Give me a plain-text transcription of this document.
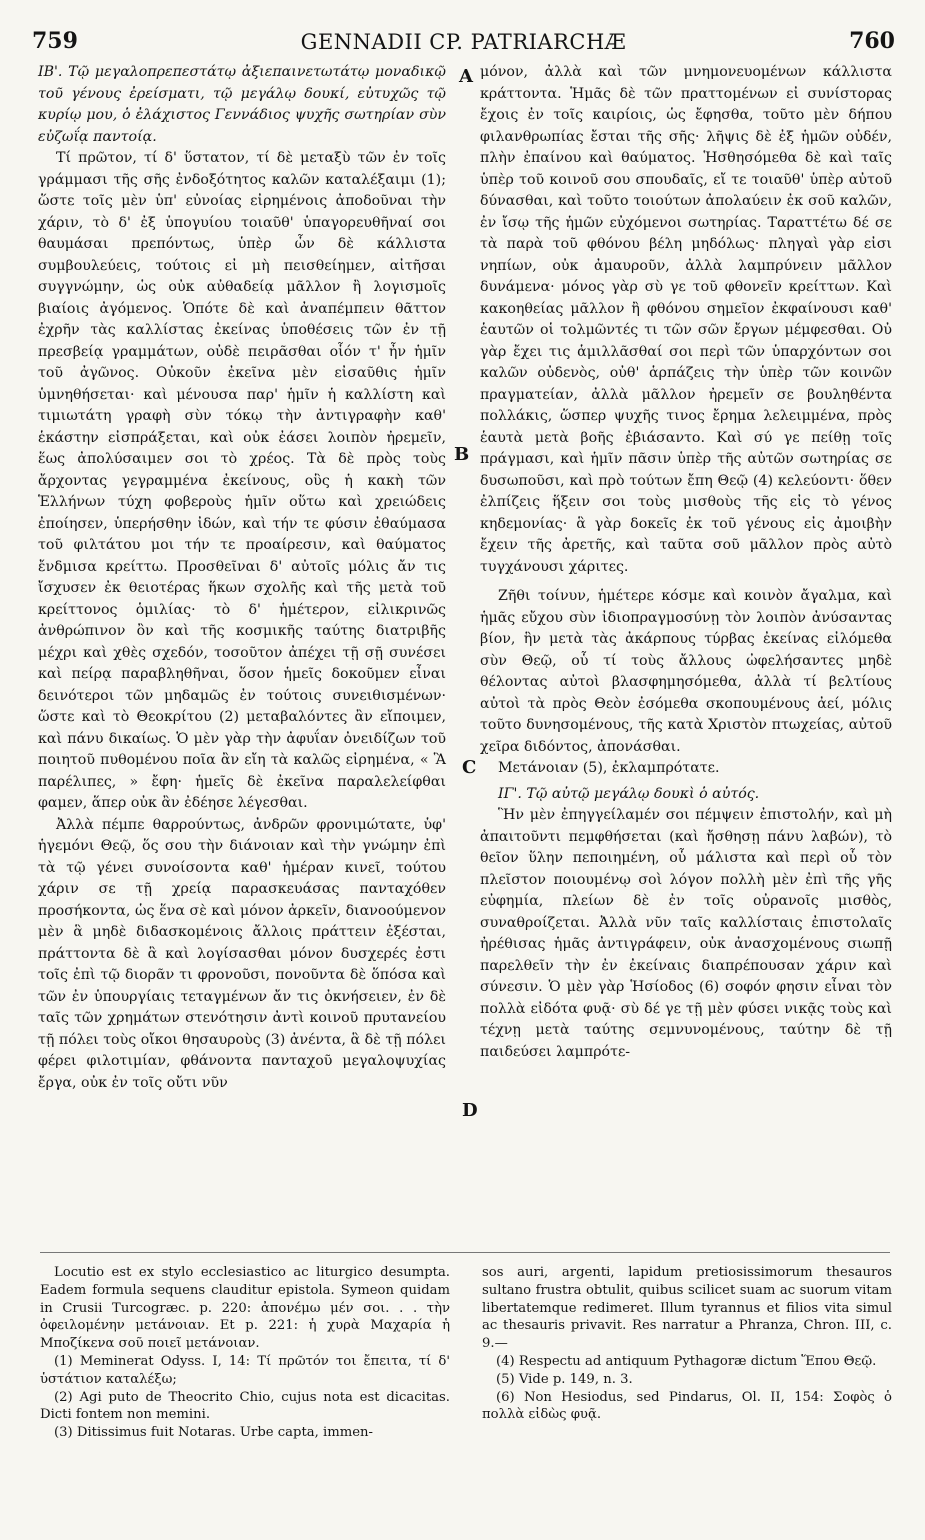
759	GENNADII CP. PATRIARCHÆ	760

ΙΒ'. Τῷ μεγαλοπρεπεστάτῳ ἀξιεπαινετωτάτῳ μοναδικῷ τοῦ γένους ἐρείσματι, τῷ μεγάλῳ δουκί, εὐτυχῶς τῷ κυρίῳ μου, ὁ ἐλάχιστος Γεννάδιος ψυχῆς σωτηρίαν σὺν εὐζωΐᾳ παντοίᾳ.

Τί πρῶτον, τί δ' ὕστατον, τί δὲ μεταξὺ τῶν ἐν τοῖς γράμμασι τῆς σῆς ἐνδοξότητος καλῶν καταλέξαιμι (1); ὥστε τοῖς μὲν ὑπ' εὐνοίας εἰρημένοις ἀποδοῦναι τὴν χάριν, τὸ δ' ἐξ ὑπογυίου τοιαῦθ' ὑπαγορευθῆναί σοι θαυμάσαι πρεπόντως, ὑπὲρ ὧν δὲ κάλλιστα συμβουλεύεις, τούτοις εἰ μὴ πεισθείημεν, αἰτῆσαι συγγνώμην, ὡς οὐκ αὐθαδείᾳ μᾶλλον ἢ λογισμοῖς βιαίοις ἀγόμενος. Ὁπότε δὲ καὶ ἀναπέμπειν θᾶττον ἐχρῆν τὰς καλλίστας ἐκείνας ὑποθέσεις τῶν ἐν τῇ πρεσβείᾳ γραμμάτων, οὐδὲ πειρᾶσθαι οἷόν τ' ἦν ἡμῖν τοῦ ἀγῶνος. Οὐκοῦν ἐκεῖνα μὲν εἰσαῦθις ἡμῖν ὑμνηθήσεται· καὶ μένουσα παρ' ἡμῖν ἡ καλλίστη καὶ τιμιωτάτη γραφὴ σὺν τόκῳ τὴν ἀντιγραφὴν καθ' ἑκάστην εἰσπράξεται, καὶ οὐκ ἐάσει λοιπὸν ἠρεμεῖν, ἕως ἀπολύσαιμεν σοι τὸ χρέος. Τὰ δὲ πρὸς τοὺς ἄρχοντας γεγραμμένα ἐκείνους, οὓς ἡ κακὴ τῶν Ἑλλήνων τύχη φοβεροὺς ἡμῖν οὕτω καὶ χρειώδεις ἐποίησεν, ὑπερήσθην ἰδών, καὶ τήν τε φύσιν ἐθαύμασα τοῦ φιλτάτου μοι τήν τε προαίρεσιν, καὶ θαύματος ἔνδμισα κρείττω. Προσθεῖναι δ' αὐτοῖς μόλις ἄν τις ἴσχυσεν ἐκ θειοτέρας ἥκων σχολῆς καὶ τῆς μετὰ τοῦ κρείττονος ὁμιλίας· τὸ δ' ἡμέτερον, εἰλικρινῶς ἀνθρώπινον ὂν καὶ τῆς κοσμικῆς ταύτης διατριβῆς μέχρι καὶ χθὲς σχεδόν, τοσοῦτον ἀπέχει τῇ σῇ συνέσει καὶ πείρᾳ παραβληθῆναι, ὅσον ἡμεῖς δοκοῦμεν εἶναι δεινότεροι τῶν μηδαμῶς ἐν τούτοις συνειθισμένων· ὥστε καὶ τὸ Θεοκρίτου (2) μεταβαλόντες ἂν εἴποιμεν, καὶ πάνυ δικαίως. Ὁ μὲν γὰρ τὴν ἀφυΐαν ὀνειδίζων τοῦ ποιητοῦ πυθομένου ποῖα ἂν εἴη τὰ καλῶς εἰρημένα, « Ἃ παρέλιπες, » ἔφη· ἡμεῖς δὲ ἐκεῖνα παραλελείφθαι φαμεν, ἅπερ οὐκ ἂν ἐδέησε λέγεσθαι.

Ἀλλὰ πέμπε θαρρούντως, ἀνδρῶν φρονιμώτατε, ὑφ' ἡγεμόνι Θεῷ, ὅς σου τὴν διάνοιαν καὶ τὴν γνώμην ἐπὶ τὰ τῷ γένει συνοίσοντα καθ' ἡμέραν κινεῖ, τούτου χάριν σε τῇ χρείᾳ παρασκευάσας πανταχόθεν προσήκοντα, ὡς ἕνα σὲ καὶ μόνον ἀρκεῖν, διανοούμενον μὲν ἃ μηδὲ διδασκομένοις ἄλλοις πράττειν ἐξέσται, πράττοντα δὲ ἃ καὶ λογίσασθαι μόνον δυσχερές ἐστι τοῖς ἐπὶ τῷ διορᾶν τι φρονοῦσι, πονοῦντα δὲ ὅπόσα καὶ τῶν ἐν ὑπουργίαις τεταγμένων ἄν τις ὀκνήσειεν, ἐν δὲ ταῖς τῶν χρημάτων στενότησιν ἀντὶ κοινοῦ πρυτανείου τῇ πόλει τοὺς οἴκοι θησαυροὺς (3) ἀνέντα, ἃ δὲ τῇ πόλει φέρει φιλοτιμίαν, φθάνοντα πανταχοῦ μεγαλοψυχίας ἔργα, οὐκ ἐν τοῖς οὔτι νῦν

A
B
C
D

μόνον, ἀλλὰ καὶ τῶν μνημονευομένων κάλλιστα κράττοντα. Ἡμᾶς δὲ τῶν πραττομένων εἰ συνίστορας ἔχοις ἐν τοῖς καιρίοις, ὡς ἔφησθα, τοῦτο μὲν δήπου φιλανθρωπίας ἔσται τῆς σῆς· λῆψις δὲ ἐξ ἡμῶν οὐδέν, πλὴν ἐπαίνου καὶ θαύματος. Ἡσθησόμεθα δὲ καὶ ταῖς ὑπὲρ τοῦ κοινοῦ σου σπουδαῖς, εἴ τε τοιαῦθ' ὑπὲρ αὐτοῦ δύνασθαι, καὶ τοῦτο τοιούτων ἀπολαύειν ἐκ σοῦ καλῶν, ἐν ἴσῳ τῆς ἡμῶν εὐχόμενοι σωτηρίας. Ταραττέτω δέ σε τὰ παρὰ τοῦ φθόνου βέλη μηδόλως· πληγαὶ γὰρ εἰσι νηπίων, οὐκ ἀμαυροῦν, ἀλλὰ λαμπρύνειν μᾶλλον δυνάμενα· μόνος γὰρ σὺ γε τοῦ φθονεῖν κρείττων. Καὶ κακοηθείας μᾶλλον ἢ φθόνου σημεῖον ἐκφαίνουσι καθ' ἑαυτῶν οἱ τολμῶντές τι τῶν σῶν ἔργων μέμφεσθαι. Οὐ γὰρ ἔχει τις ἁμιλλᾶσθαί σοι περὶ τῶν ὑπαρχόντων σοι καλῶν οὐδενὸς, οὐθ' ἁρπάζεις τὴν ὑπὲρ τῶν κοινῶν πραγματείαν, ἀλλὰ μᾶλλον ἠρεμεῖν σε βουληθέντα πολλάκις, ὥσπερ ψυχῆς τινος ἔρημα λελειμμένα, πρὸς ἑαυτὰ μετὰ βοῆς ἐβιάσαντο. Καὶ σύ γε πείθῃ τοῖς πράγμασι, καὶ ἡμῖν πᾶσιν ὑπὲρ τῆς αὐτῶν σωτηρίας σε δυσωποῦσι, καὶ πρὸ τούτων ἔπη Θεῷ (4) κελεύοντι· ὅθεν ἐλπίζεις ἥξειν σοι τοὺς μισθοὺς τῆς εἰς τὸ γένος κηδεμονίας· ἃ γὰρ δοκεῖς ἐκ τοῦ γένους εἰς ἀμοιβὴν ἔχειν τῆς ἀρετῆς, καὶ ταῦτα σοῦ μᾶλλον πρὸς αὐτὸ τυγχάνουσι χάριτες.

Ζῆθι τοίνυν, ἡμέτερε κόσμε καὶ κοινὸν ἄγαλμα, καὶ ἡμᾶς εὔχου σὺν ἰδιοπραγμοσύνῃ τὸν λοιπὸν ἀνύσαντας βίον, ἣν μετὰ τὰς ἀκάρπους τύρβας ἐκείνας εἰλόμεθα σὺν Θεῷ, οὗ τί τοὺς ἄλλους ὠφελήσαντες μηδὲ θέλοντας αὐτοὶ βλασφημησόμεθα, ἀλλὰ τί βελτίους αὐτοὶ τὰ πρὸς Θεὸν ἐσόμεθα σκοπουμένους ἀεί, μόλις τοῦτο δυνησομένους, τῆς κατὰ Χριστὸν πτωχείας, αὐτοῦ χεῖρα διδόντος, ἀπονάσθαι.

Μετάνοιαν (5), ἐκλαμπρότατε.

ΙΓ'. Τῷ αὐτῷ μεγάλῳ δουκὶ ὁ αὐτός.

Ἣν μὲν ἐπηγγείλαμέν σοι πέμψειν ἐπιστολήν, καὶ μὴ ἀπαιτοῦντι πεμφθήσεται (καὶ ἤσθησῃ πάνυ λαβών), τὸ θεῖον ὕλην πεποιημένη, οὗ μάλιστα καὶ περὶ οὗ τὸν πλεῖστον ποιουμένῳ σοὶ λόγον πολλὴ μὲν ἐπὶ τῆς γῆς εὐφημία, πλείων δὲ ἐν τοῖς οὐρανοῖς μισθὸς, συναθροίζεται. Ἀλλὰ νῦν ταῖς καλλίσταις ἐπιστολαῖς ἠρέθισας ἡμᾶς ἀντιγράφειν, οὐκ ἀνασχομένους σιωπῇ παρελθεῖν τὴν ἐν ἐκείναις διαπρέπουσαν χάριν καὶ σύνεσιν. Ὁ μὲν γὰρ Ἡσίοδος (6) σοφόν φησιν εἶναι τὸν πολλὰ εἰδότα φυᾷ· σὺ δέ γε τῇ μὲν φύσει νικᾷς τοὺς καὶ τέχνῃ μετὰ ταύτης σεμνυνομένους, ταύτην δὲ τῇ παιδεύσει λαμπρότε-

Locutio est ex stylo ecclesiastico ac liturgico desumpta. Eadem formula sequens clauditur epistola. Symeon quidam in Crusii Turcogræc. p. 220: ἀπονέμω μέν σοι. . . τὴν ὀφειλομένην μετάνοιαν. Et p. 221: ἡ χυρὰ Μαχαρία ἡ Μποζίκενα σοῦ ποιεῖ μετάνοιαν.

(1) Meminerat Odyss. I, 14: Τί πρῶτόν τοι ἔπειτα, τί δ' ὑστάτιον καταλέξω;

(2) Agi puto de Theocrito Chio, cujus nota est dicacitas. Dicti fontem non memini.

(3) Ditissimus fuit Notaras. Urbe capta, immen-

sos auri, argenti, lapidum pretiosissimorum thesauros sultano frustra obtulit, quibus scilicet suam ac suorum vitam libertatemque redimeret. Illum tyrannus et filios vita simul ac thesauris privavit. Res narratur a Phranza, Chron. III, c. 9.—

(4) Respectu ad antiquum Pythagoræ dictum Ἕπου Θεῷ.

(5) Vide p. 149, n. 3.

(6) Non Hesiodus, sed Pindarus, Ol. II, 154: Σοφὸς ὁ πολλὰ εἰδὼς φυᾷ.
